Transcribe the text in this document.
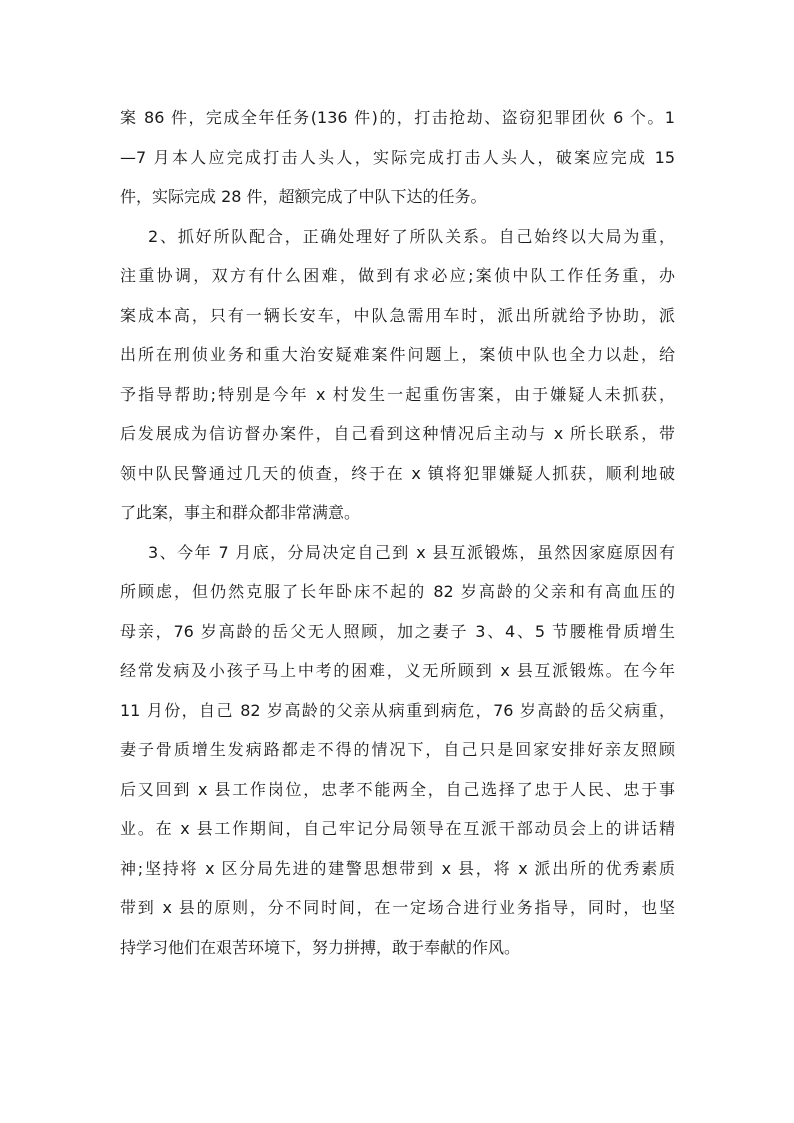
案 86 件，完成全年任务(136 件)的，打击抢劫、盗窃犯罪团伙 6 个。1
—7 月本人应完成打击人头人，实际完成打击人头人，破案应完成 15
件，实际完成 28 件，超额完成了中队下达的任务。
2、抓好所队配合，正确处理好了所队关系。自己始终以大局为重，
注重协调，双方有什么困难，做到有求必应;案侦中队工作任务重，办
案成本高，只有一辆长安车，中队急需用车时，派出所就给予协助，派
出所在刑侦业务和重大治安疑难案件问题上，案侦中队也全力以赴，给
予指导帮助;特别是今年 x 村发生一起重伤害案，由于嫌疑人未抓获，
后发展成为信访督办案件，自己看到这种情况后主动与 x 所长联系，带
领中队民警通过几天的侦查，终于在 x 镇将犯罪嫌疑人抓获，顺利地破
了此案，事主和群众都非常满意。
3、今年 7 月底，分局决定自己到 x 县互派锻炼，虽然因家庭原因有
所顾虑，但仍然克服了长年卧床不起的 82 岁高龄的父亲和有高血压的
母亲，76 岁高龄的岳父无人照顾，加之妻子 3、4、5 节腰椎骨质增生
经常发病及小孩子马上中考的困难，义无所顾到 x 县互派锻炼。在今年
11 月份，自己 82 岁高龄的父亲从病重到病危，76 岁高龄的岳父病重，
妻子骨质增生发病路都走不得的情况下，自己只是回家安排好亲友照顾
后又回到 x 县工作岗位，忠孝不能两全，自己选择了忠于人民、忠于事
业。在 x 县工作期间，自己牢记分局领导在互派干部动员会上的讲话精
神;坚持将 x 区分局先进的建警思想带到 x 县，将 x 派出所的优秀素质
带到 x 县的原则，分不同时间，在一定场合进行业务指导，同时，也坚
持学习他们在艰苦环境下，努力拼搏，敢于奉献的作风。
